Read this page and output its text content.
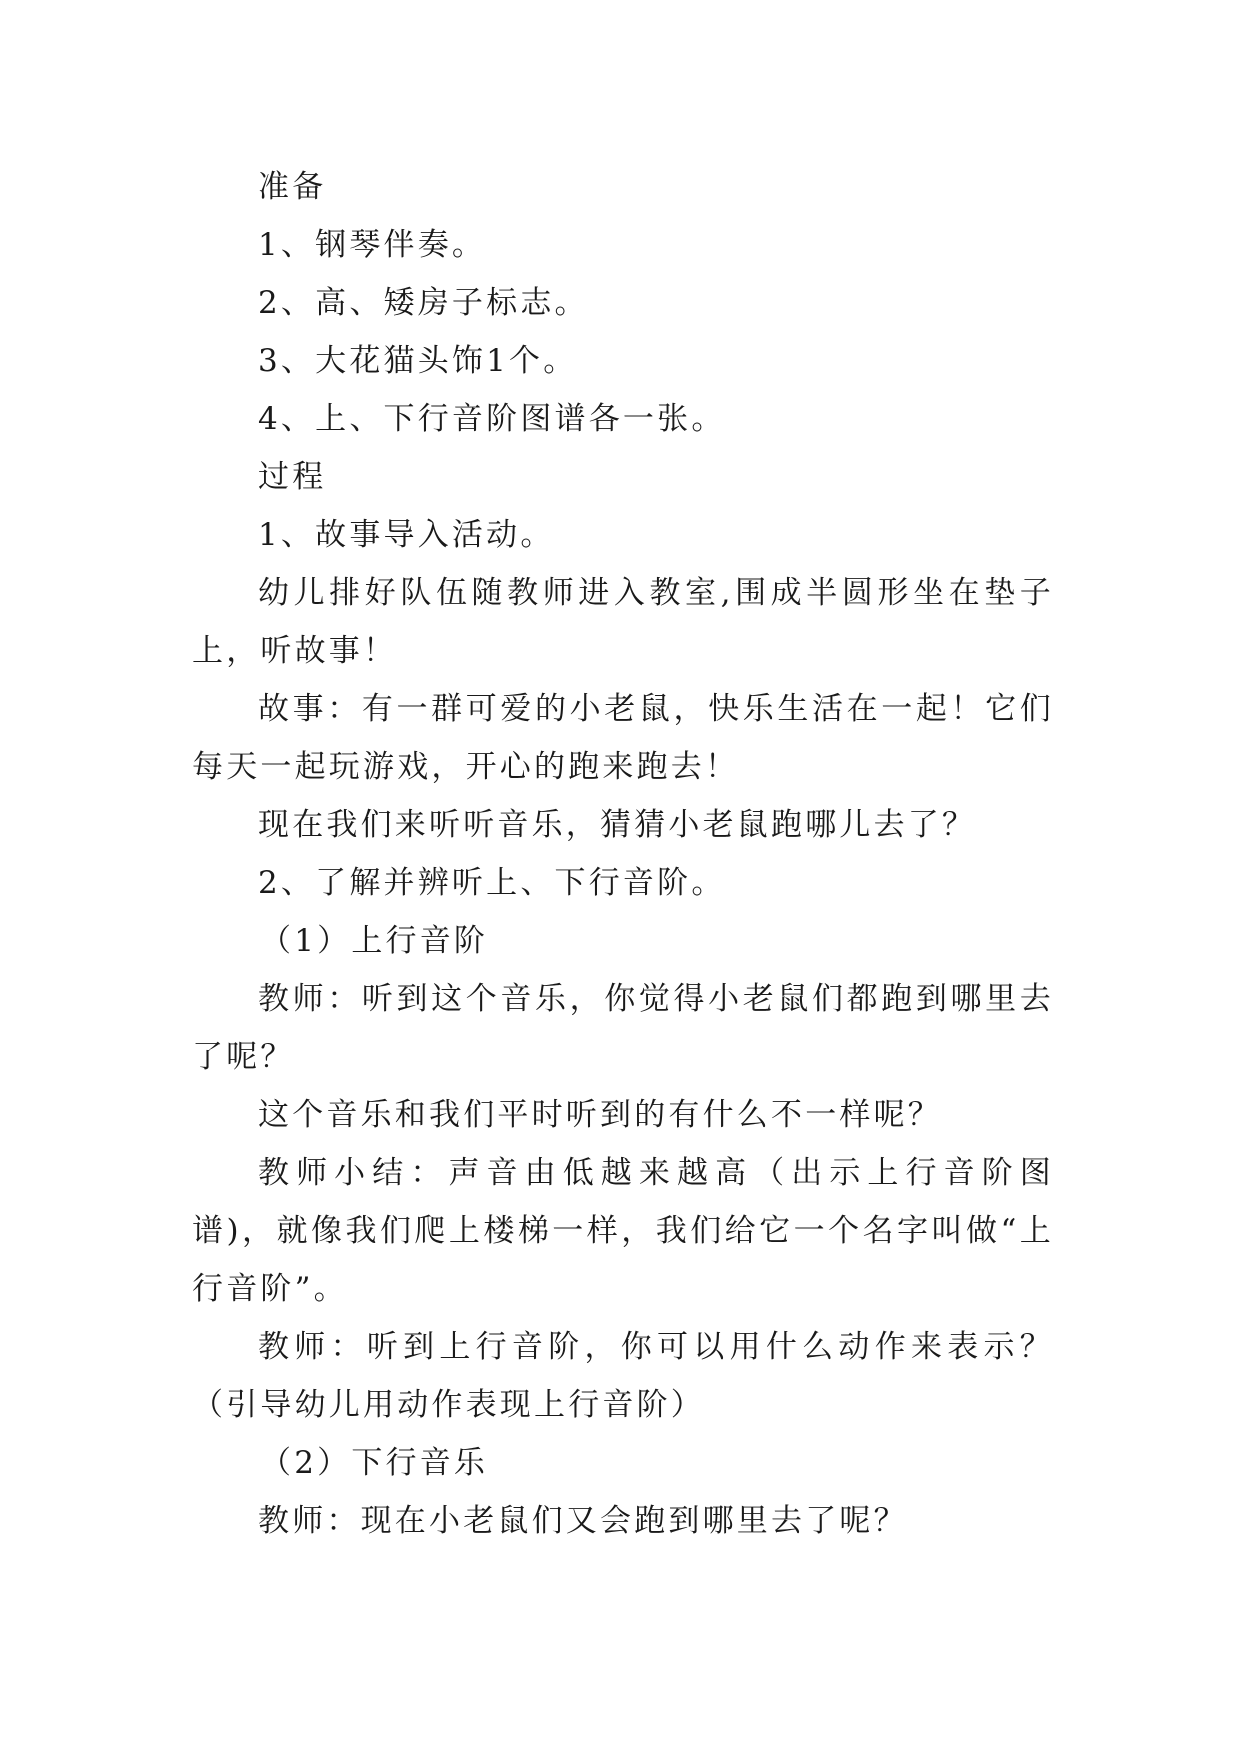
准备

1、钢琴伴奏。

2、高、矮房子标志。

3、大花猫头饰1个。

4、上、下行音阶图谱各一张。

过程

1、故事导入活动。

幼儿排好队伍随教师进入教室,围成半圆形坐在垫子上，听故事！

故事：有一群可爱的小老鼠，快乐生活在一起！它们每天一起玩游戏，开心的跑来跑去！

现在我们来听听音乐，猜猜小老鼠跑哪儿去了？

2、了解并辨听上、下行音阶。

（1）上行音阶

教师：听到这个音乐，你觉得小老鼠们都跑到哪里去了呢？

这个音乐和我们平时听到的有什么不一样呢？

教师小结：声音由低越来越高（出示上行音阶图谱)，就像我们爬上楼梯一样，我们给它一个名字叫做“上行音阶”。

教师：听到上行音阶，你可以用什么动作来表示？（引导幼儿用动作表现上行音阶）

（2）下行音乐

教师：现在小老鼠们又会跑到哪里去了呢？
